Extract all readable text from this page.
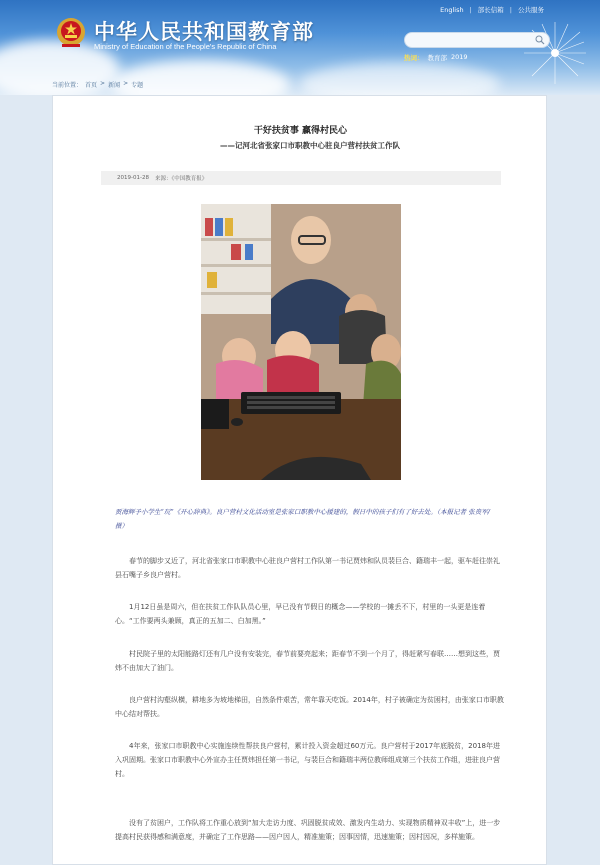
中华人民共和国教育部
Ministry of Education of the People's Republic of China
English | 部长信箱 | 公共服务
热词： 教育部 2019
当前位置： 首页 > 新闻 > 专题
干好扶贫事 赢得村民心
——记河北省张家口市职教中心驻良户营村扶贫工作队
2019-01-28 来源：《中国教育报》
贾海辉予小学生“玩”《开心辞典》。良户营村文化活动室是张家口职教中心援建的，假日中的孩子们有了好去处。（本报记者 张贵军/摄）
春节的脚步又近了，河北省张家口市职教中心驻良户营村工作队第一书记贾炜和队员裴巨合、籍瑞丰一起，驱车赶往崇礼县石嘴子乡良户营村。
1月12日虽是周六，但在扶贫工作队队员心里，早已没有节假日的概念——学校的一摊丢不下，村里的一头更是连着心。“工作要两头兼顾，真正的五加二、白加黑。”
村民院子里的太阳能路灯还有几户没有安装完，春节前要亮起来；距春节不到一个月了，得赶紧写春联……想到这些，贾炜不由加大了油门。
良户营村沟壑纵横，耕地多为坡地梯田，自然条件艰苦，常年靠天吃饭。2014年，村子被确定为贫困村，由张家口市职教中心结对帮扶。
4年来，张家口市职教中心实施连续性帮扶良户营村，累计投入资金超过60万元。良户营村于2017年底脱贫，2018年进入巩固期。张家口市职教中心外宣办主任贾炜担任第一书记，与裴巨合和籍瑞丰两位教师组成第三个扶贫工作组，进驻良户营村。
没有了贫困户，工作队将工作重心放到“加大走访力度、巩固脱贫成效、激发内生动力、实现物质精神双丰收”上，进一步提高村民获得感和满意度，并确定了工作思路——因户因人，精准施策；因事因情，迅速施策；因村因况，多样施策。
